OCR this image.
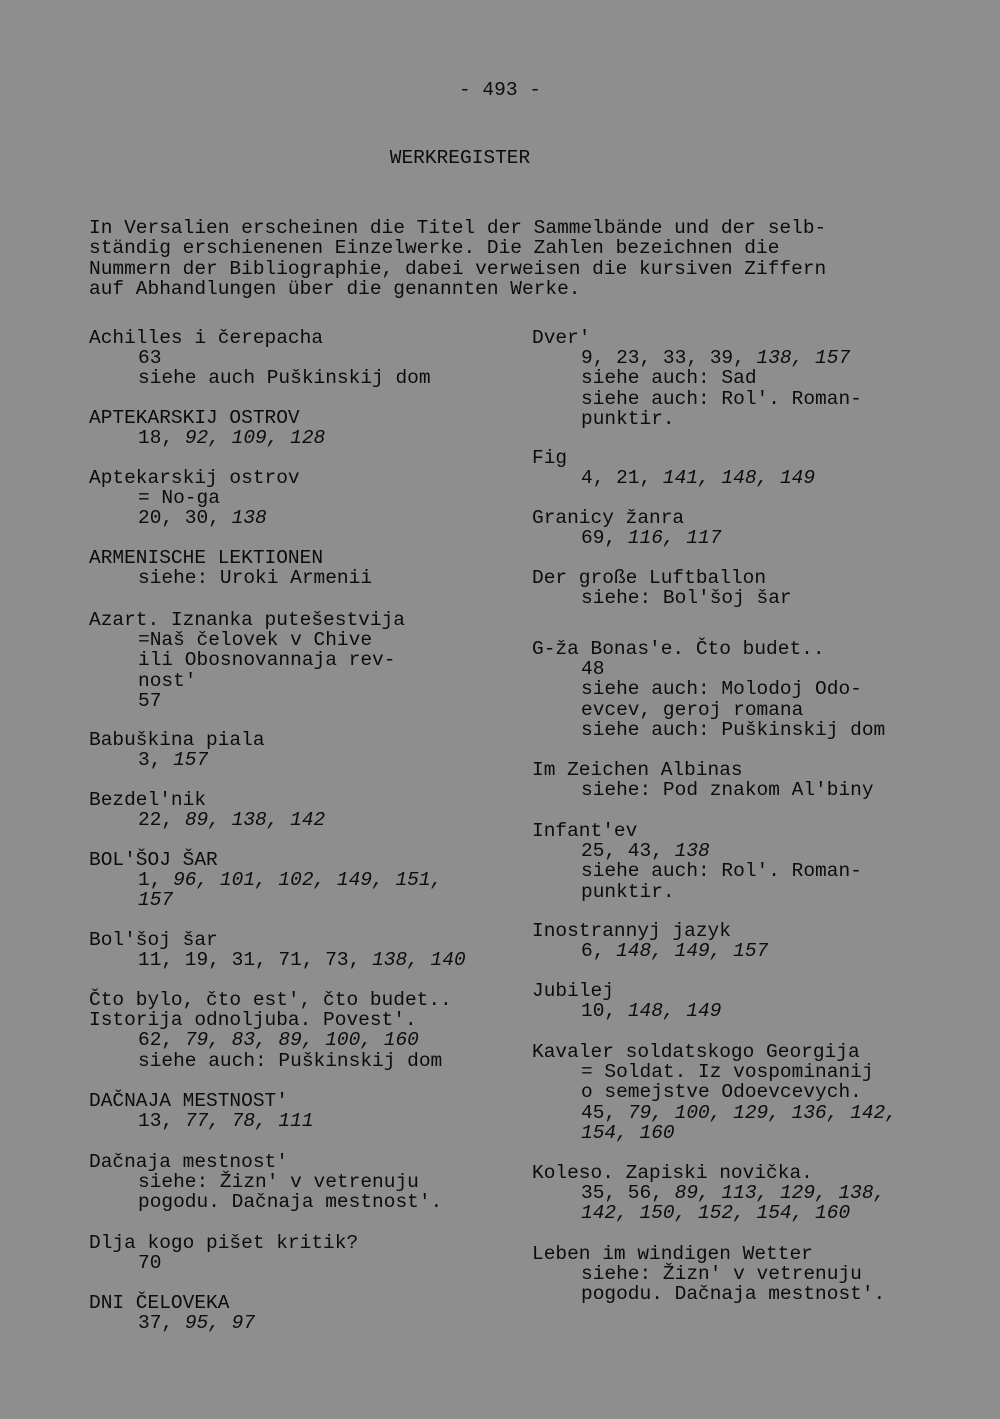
- 493 -
WERKREGISTER
In Versalien erscheinen die Titel der Sammelbände und der selb-
ständig erschienenen Einzelwerke. Die Zahlen bezeichnen die
Nummern der Bibliographie, dabei verweisen die kursiven Ziffern
auf Abhandlungen über die genannten Werke.
Achilles i čerepacha
63
siehe auch Puškinskij dom
APTEKARSKIJ OSTROV
18, 92, 109, 128
Aptekarskij ostrov
= No-ga
20, 30, 138
ARMENISCHE LEKTIONEN
siehe: Uroki Armenii
Azart. Iznanka putešestvija
=Naš čelovek v Chive
ili Obosnovannaja rev-
nost'
57
Babuškina piala
3, 157
Bezdel'nik
22, 89, 138, 142
BOL'ŠOJ ŠAR
1, 96, 101, 102, 149, 151,
157
Bol'šoj šar
11, 19, 31, 71, 73, 138, 140
Čto bylo, čto est', čto budet..
Istorija odnoljuba. Povest'.
62, 79, 83, 89, 100, 160
siehe auch: Puškinskij dom
DAČNAJA MESTNOST'
13, 77, 78, 111
Dačnaja mestnost'
siehe: Žizn' v vetrenuju
pogodu. Dačnaja mestnost'.
Dlja kogo pišet kritik?
70
DNI ČELOVEKA
37, 95, 97
Dver'
9, 23, 33, 39, 138, 157
siehe auch: Sad
siehe auch: Rol'. Roman-
punktir.
Fig
4, 21, 141, 148, 149
Granicy žanra
69, 116, 117
Der große Luftballon
siehe: Bol'šoj šar
G-ža Bonas'e. Čto budet..
48
siehe auch: Molodoj Odo-
evcev, geroj romana
siehe auch: Puškinskij dom
Im Zeichen Albinas
siehe: Pod znakom Al'biny
Infant'ev
25, 43, 138
siehe auch: Rol'. Roman-
punktir.
Inostrannyj jazyk
6, 148, 149, 157
Jubilej
10, 148, 149
Kavaler soldatskogo Georgija
= Soldat. Iz vospominanij
o semejstve Odoevcevych.
45, 79, 100, 129, 136, 142,
154, 160
Koleso. Zapiski novička.
35, 56, 89, 113, 129, 138,
142, 150, 152, 154, 160
Leben im windigen Wetter
siehe: Žizn' v vetrenuju
pogodu. Dačnaja mestnost'.
